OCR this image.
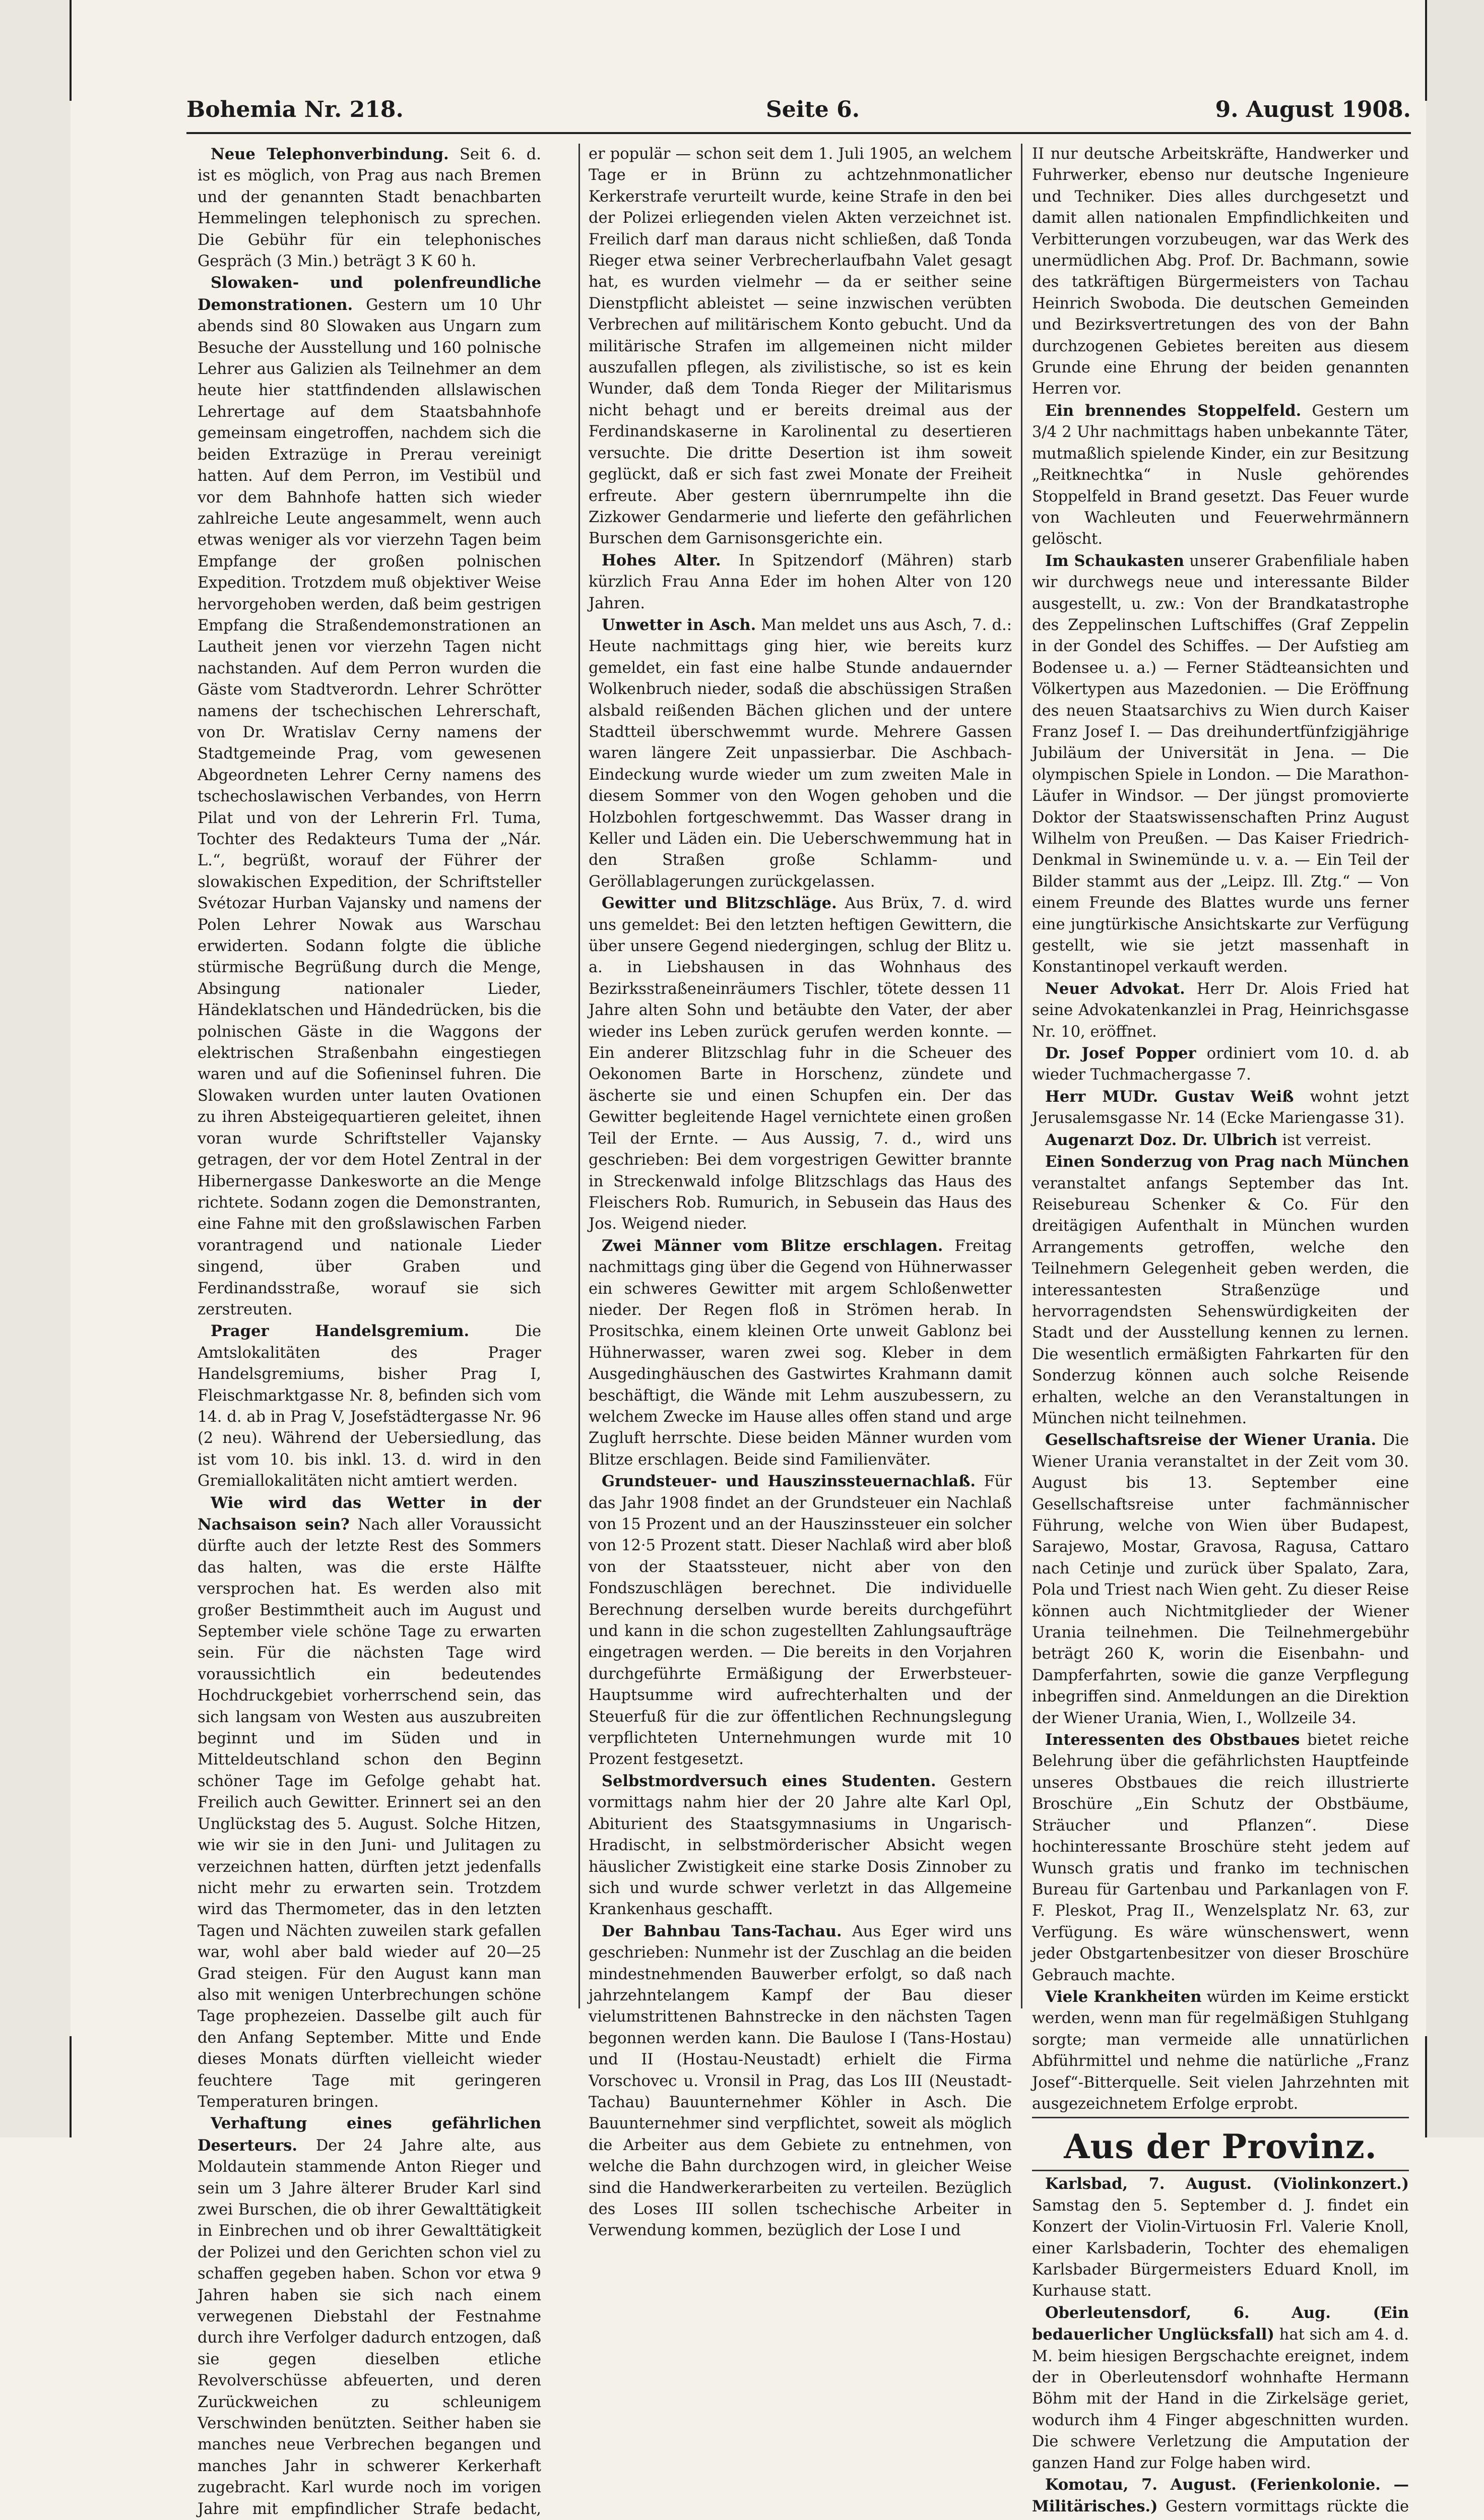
Bohemia Nr. 218.	Seite 6.	9. August 1908.

Neue Telephonverbindung. Seit 6. d. ist es möglich, von Prag aus nach Bremen und der genannten Stadt benachbarten Hemmelingen telephonisch zu sprechen. Die Gebühr für ein telephonisches Gespräch (3 Min.) beträgt 3 K 60 h.

Slowaken- und polenfreundliche Demonstrationen. Gestern um 10 Uhr abends sind 80 Slowaken aus Ungarn zum Besuche der Ausstellung und 160 polnische Lehrer aus Galizien als Teilnehmer an dem heute hier stattfindenden allslawischen Lehrertage auf dem Staatsbahnhofe gemeinsam eingetroffen, nachdem sich die beiden Extrazüge in Prerau vereinigt hatten. Auf dem Perron, im Vestibül und vor dem Bahnhofe hatten sich wieder zahlreiche Leute angesammelt, wenn auch etwas weniger als vor vierzehn Tagen beim Empfange der großen polnischen Expedition. Trotzdem muß objektiver Weise hervorgehoben werden, daß beim gestrigen Empfang die Straßendemonstrationen an Lautheit jenen vor vierzehn Tagen nicht nachstanden. Auf dem Perron wurden die Gäste vom Stadtverordn. Lehrer Schrötter namens der tschechischen Lehrerschaft, von Dr. Wratislav Cerny namens der Stadtgemeinde Prag, vom gewesenen Abgeordneten Lehrer Cerny namens des tschechoslawischen Verbandes, von Herrn Pilat und von der Lehrerin Frl. Tuma, Tochter des Redakteurs Tuma der „Nár. L.“, begrüßt, worauf der Führer der slowakischen Expedition, der Schriftsteller Svétozar Hurban Vajansky und namens der Polen Lehrer Nowak aus Warschau erwiderten. Sodann folgte die übliche stürmische Begrüßung durch die Menge, Absingung nationaler Lieder, Händeklatschen und Händedrücken, bis die polnischen Gäste in die Waggons der elektrischen Straßenbahn eingestiegen waren und auf die Sofieninsel fuhren. Die Slowaken wurden unter lauten Ovationen zu ihren Absteigequartieren geleitet, ihnen voran wurde Schriftsteller Vajansky getragen, der vor dem Hotel Zentral in der Hibernergasse Dankesworte an die Menge richtete. Sodann zogen die Demonstranten, eine Fahne mit den großslawischen Farben vorantragend und nationale Lieder singend, über Graben und Ferdinandsstraße, worauf sie sich zerstreuten.

Prager Handelsgremium.	Die Amtslokalitäten des Prager Handelsgremiums, bisher Prag I, Fleischmarktgasse Nr. 8, befinden sich vom 14. d. ab in Prag V, Josefstädtergasse Nr. 96 (2 neu). Während der Uebersiedlung, das ist vom 10. bis inkl. 13. d. wird in den Gremiallokalitäten nicht amtiert werden.

Wie wird das Wetter in der Nachsaison sein? Nach aller Voraussicht dürfte auch der letzte Rest des Sommers das halten, was die erste Hälfte versprochen hat. Es werden also mit großer Bestimmtheit auch im August und September viele schöne Tage zu erwarten sein. Für die nächsten Tage wird voraussichtlich ein bedeutendes Hochdruckgebiet vorherrschend sein, das sich langsam von Westen aus auszubreiten beginnt und im Süden und in Mitteldeutschland schon den Beginn schöner Tage im Gefolge gehabt hat. Freilich auch Gewitter. Erinnert sei an den Unglückstag des 5. August. Solche Hitzen, wie wir sie in den Juni- und Julitagen zu verzeichnen hatten, dürften jetzt jedenfalls nicht mehr zu erwarten sein. Trotzdem wird das Thermometer, das in den letzten Tagen und Nächten zuweilen stark gefallen war, wohl aber bald wieder auf 20—25 Grad steigen. Für den August kann man also mit wenigen Unterbrechungen schöne Tage prophezeien. Dasselbe gilt auch für den Anfang September. Mitte und Ende dieses Monats dürften vielleicht wieder feuchtere Tage mit geringeren Temperaturen bringen.

Verhaftung eines gefährlichen Deserteurs. Der 24 Jahre alte, aus Moldautein stammende Anton Rieger und sein um 3 Jahre älterer Bruder Karl sind zwei Burschen, die ob ihrer Gewalttätigkeit in Einbrechen und ob ihrer Gewalttätigkeit der Polizei und den Gerichten schon viel zu schaffen gegeben haben. Schon vor etwa 9 Jahren haben sie sich nach einem verwegenen Diebstahl der Festnahme durch ihre Verfolger dadurch entzogen, daß sie gegen dieselben etliche Revolverschüsse abfeuerten, und deren Zurückweichen zu schleunigem Verschwinden benützten. Seither haben sie manches neue Verbrechen begangen und manches Jahr in schwerer Kerkerhaft zugebracht. Karl wurde noch im vorigen Jahre mit empfindlicher Strafe bedacht,

er populär — schon seit dem 1. Juli 1905, an welchem Tage er in Brünn zu achtzehnmonatlicher Kerkerstrafe verurteilt wurde, keine Strafe in den bei der Polizei erliegenden vielen Akten verzeichnet ist. Freilich darf man daraus nicht schließen, daß Tonda Rieger etwa seiner Verbrecherlaufbahn Valet gesagt hat, es wurden vielmehr — da er seither seine Dienstpflicht ableistet — seine inzwischen verübten Verbrechen auf militärischem Konto gebucht. Und da militärische Strafen im allgemeinen nicht milder auszufallen pflegen, als zivilistische, so ist es kein Wunder, daß dem Tonda Rieger der Militarismus nicht behagt und er bereits dreimal aus der Ferdinandskaserne in Karolinental zu desertieren versuchte. Die dritte Desertion ist ihm soweit geglückt, daß er sich fast zwei Monate der Freiheit erfreute. Aber gestern übernrumpelte ihn die Zizkower Gendarmerie und lieferte den gefährlichen Burschen dem Garnisonsgerichte ein.

Hohes Alter. In Spitzendorf (Mähren) starb kürzlich Frau Anna Eder im hohen Alter von 120 Jahren.

Unwetter in Asch. Man meldet uns aus Asch, 7. d.: Heute nachmittags ging hier, wie bereits kurz gemeldet, ein fast eine halbe Stunde andauernder Wolkenbruch nieder, sodaß die abschüssigen Straßen alsbald reißenden Bächen glichen und der untere Stadtteil überschwemmt wurde. Mehrere Gassen waren längere Zeit unpassierbar. Die Aschbach-Eindeckung wurde wieder um zum zweiten Male in diesem Sommer von den Wogen gehoben und die Holzbohlen fortgeschwemmt. Das Wasser drang in Keller und Läden ein. Die Ueberschwemmung hat in den Straßen große Schlamm- und Geröllablagerungen zurückgelassen.

Gewitter und Blitzschläge. Aus Brüx, 7. d. wird uns gemeldet: Bei den letzten heftigen Gewittern, die über unsere Gegend niedergingen, schlug der Blitz u. a. in Liebshausen in das Wohnhaus des Bezirksstraßeneinräumers Tischler, tötete dessen 11 Jahre alten Sohn und betäubte den Vater, der aber wieder ins Leben zurück gerufen werden konnte. — Ein anderer Blitzschlag fuhr in die Scheuer des Oekonomen Barte in Horschenz, zündete und äscherte sie und einen Schupfen ein. Der das Gewitter begleitende Hagel vernichtete einen großen Teil der Ernte. — Aus Aussig, 7. d., wird uns geschrieben: Bei dem vorgestrigen Gewitter brannte in Streckenwald infolge Blitzschlags das Haus des Fleischers Rob. Rumurich, in Sebusein das Haus des Jos. Weigend nieder.

Zwei Männer vom Blitze erschlagen. Freitag nachmittags ging über die Gegend von Hühnerwasser ein schweres Gewitter mit argem Schloßenwetter nieder. Der Regen floß in Strömen herab. In Prositschka, einem kleinen Orte unweit Gablonz bei Hühnerwasser, waren zwei sog. Kleber in dem Ausgedinghäuschen des Gastwirtes Krahmann damit beschäftigt, die Wände mit Lehm auszubessern, zu welchem Zwecke im Hause alles offen stand und arge Zugluft herrschte. Diese beiden Männer wurden vom Blitze erschlagen. Beide sind Familienväter.

Grundsteuer- und Hauszinssteuernachlaß. Für das Jahr 1908 findet an der Grundsteuer ein Nachlaß von 15 Prozent und an der Hauszinssteuer ein solcher von 12·5 Prozent statt. Dieser Nachlaß wird aber bloß von der Staatssteuer, nicht aber von den Fondszuschlägen berechnet. Die individuelle Berechnung derselben wurde bereits durchgeführt und kann in die schon zugestellten Zahlungsaufträge eingetragen werden. — Die bereits in den Vorjahren durchgeführte Ermäßigung der Erwerbsteuer-Hauptsumme wird aufrechterhalten und der Steuerfuß für die zur öffentlichen Rechnungslegung verpflichteten Unternehmungen wurde mit 10 Prozent festgesetzt.

Selbstmordversuch eines Studenten. Gestern vormittags nahm hier der 20 Jahre alte Karl Opl, Abiturient des Staatsgymnasiums in Ungarisch-Hradischt, in selbstmörderischer Absicht wegen häuslicher Zwistigkeit eine starke Dosis Zinnober zu sich und wurde schwer verletzt in das Allgemeine Krankenhaus geschafft.

Der Bahnbau Tans-Tachau. Aus Eger wird uns geschrieben: Nunmehr ist der Zuschlag an die beiden mindestnehmenden Bauwerber erfolgt, so daß nach jahrzehntelangem Kampf der Bau dieser vielumstrittenen Bahnstrecke in den nächsten Tagen begonnen werden kann. Die Baulose I (Tans-Hostau) und II (Hostau-Neustadt) erhielt die Firma Vorschovec u. Vronsil in Prag, das Los III (Neustadt-Tachau) Bauunternehmer Köhler in Asch. Die Bauunternehmer sind verpflichtet, soweit als möglich die Arbeiter aus dem Gebiete zu entnehmen, von welche die Bahn durchzogen wird, in gleicher Weise sind die Handwerkerarbeiten zu verteilen. Bezüglich des Loses III sollen tschechische Arbeiter in Verwendung kommen, bezüglich der Lose I und

II nur deutsche Arbeitskräfte, Handwerker und Fuhrwerker, ebenso nur deutsche Ingenieure und Techniker. Dies alles durchgesetzt und damit allen nationalen Empfindlichkeiten und Verbitterungen vorzubeugen, war das Werk des unermüdlichen Abg. Prof. Dr. Bachmann, sowie des tatkräftigen Bürgermeisters von Tachau Heinrich Swoboda. Die deutschen Gemeinden und Bezirksvertretungen des von der Bahn durchzogenen Gebietes bereiten aus diesem Grunde eine Ehrung der beiden genannten Herren vor.

Ein brennendes Stoppelfeld. Gestern um 3/4 2 Uhr nachmittags haben unbekannte Täter, mutmaßlich spielende Kinder, ein zur Besitzung „Reitknechtka“ in Nusle gehörendes Stoppelfeld in Brand gesetzt. Das Feuer wurde von Wachleuten und Feuerwehrmännern gelöscht.

Im Schaukasten unserer Grabenfiliale haben wir durchwegs neue und interessante Bilder ausgestellt, u. zw.: Von der Brandkatastrophe des Zeppelinschen Luftschiffes (Graf Zeppelin in der Gondel des Schiffes. — Der Aufstieg am Bodensee u. a.) — Ferner Städteansichten und Völkertypen aus Mazedonien. — Die Eröffnung des neuen Staatsarchivs zu Wien durch Kaiser Franz Josef I. — Das dreihundertfünfzigjährige Jubiläum der Universität in Jena. — Die olympischen Spiele in London. — Die Marathon-Läufer in Windsor. — Der jüngst promovierte Doktor der Staatswissenschaften Prinz August Wilhelm von Preußen. — Das Kaiser Friedrich-Denkmal in Swinemünde u. v. a. — Ein Teil der Bilder stammt aus der „Leipz. Ill. Ztg.“ — Von einem Freunde des Blattes wurde uns ferner eine jungtürkische Ansichtskarte zur Verfügung gestellt, wie sie jetzt massenhaft in Konstantinopel verkauft werden.

Neuer Advokat. Herr Dr. Alois Fried hat seine Advokatenkanzlei in Prag, Heinrichsgasse Nr. 10, eröffnet.

Dr. Josef Popper ordiniert vom 10. d. ab wieder Tuchmachergasse 7.

Herr MUDr. Gustav Weiß wohnt jetzt Jerusalemsgasse Nr. 14 (Ecke Mariengasse 31).

Augenarzt Doz. Dr. Ulbrich ist verreist.

Einen Sonderzug von Prag nach München veranstaltet anfangs September das Int. Reisebureau Schenker & Co. Für den dreitägigen Aufenthalt in München wurden Arrangements getroffen, welche den Teilnehmern Gelegenheit geben werden, die interessantesten Straßenzüge und hervorragendsten Sehenswürdigkeiten der Stadt und der Ausstellung kennen zu lernen. Die wesentlich ermäßigten Fahrkarten für den Sonderzug können auch solche Reisende erhalten, welche an den Veranstaltungen in München nicht teilnehmen.

Gesellschaftsreise der Wiener Urania. Die Wiener Urania veranstaltet in der Zeit vom 30. August bis 13. September eine Gesellschaftsreise unter fachmännischer Führung, welche von Wien über Budapest, Sarajewo, Mostar, Gravosa, Ragusa, Cattaro nach Cetinje und zurück über Spalato, Zara, Pola und Triest nach Wien geht. Zu dieser Reise können auch Nichtmitglieder der Wiener Urania teilnehmen. Die Teilnehmergebühr beträgt 260 K, worin die Eisenbahn- und Dampferfahrten, sowie die ganze Verpflegung inbegriffen sind. Anmeldungen an die Direktion der Wiener Urania, Wien, I., Wollzeile 34.

Interessenten des Obstbaues bietet reiche Belehrung über die gefährlichsten Hauptfeinde unseres Obstbaues die reich illustrierte Broschüre „Ein Schutz der Obstbäume, Sträucher und Pflanzen“. Diese hochinteressante Broschüre steht jedem auf Wunsch gratis und franko im technischen Bureau für Gartenbau und Parkanlagen von F. F. Pleskot, Prag II., Wenzelsplatz Nr. 63, zur Verfügung. Es wäre wünschenswert, wenn jeder Obstgartenbesitzer von dieser Broschüre Gebrauch machte.

Viele Krankheiten würden im Keime erstickt werden, wenn man für regelmäßigen Stuhlgang sorgte; man vermeide alle unnatürlichen Abführmittel und nehme die natürliche „Franz Josef“-Bitterquelle. Seit vielen Jahrzehnten mit ausgezeichnetem Erfolge erprobt.

Aus der Provinz.

Karlsbad, 7. August. (Violinkonzert.) Samstag den 5. September d. J. findet ein Konzert der Violin-Virtuosin Frl. Valerie Knoll, einer Karlsbaderin, Tochter des ehemaligen Karlsbader Bürgermeisters Eduard Knoll, im Kurhause statt.

Oberleutensdorf, 6. Aug. (Ein bedauerlicher Unglücksfall) hat sich am 4. d. M. beim hiesigen Bergschachte ereignet, indem der in Oberleutensdorf wohnhafte Hermann Böhm mit der Hand in die Zirkelsäge geriet, wodurch ihm 4 Finger abgeschnitten wurden. Die schwere Verletzung die Amputation der ganzen Hand zur Folge haben wird.

Komotau, 7. August. (Ferienkolonie. — Militärisches.) Gestern vormittags rückte die
